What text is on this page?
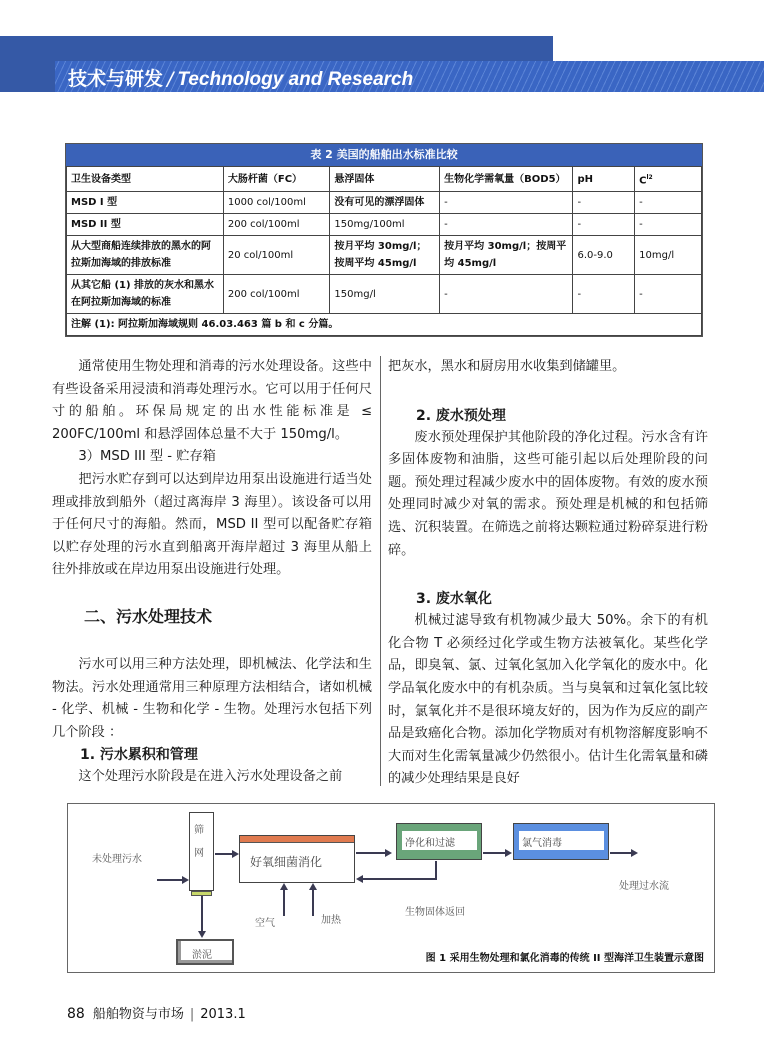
技术与研发 / Technology and Research
表 2 美国的船舶出水标准比较
卫生设备类型	大肠杆菌（FC）	悬浮固体	生物化学需氧量（BOD5）	pH	$C^{l2}$
MSD I 型	1000 col/100ml	没有可见的漂浮固体	-	-	-
MSD II 型	200 col/100ml	150mg/100ml	-	-	-
从大型商船连续排放的黑水的阿拉斯加海域的排放标准	20 col/100ml	按月平均 30mg/l；按周平均 45mg/l	按月平均 30mg/l；按周平均 45mg/l	6.0-9.0	10mg/l
从其它船 (1) 排放的灰水和黑水在阿拉斯加海域的标准	200 col/100ml	150mg/l	-	-	-
注解 (1): 阿拉斯加海域规则 46.03.463 篇 b 和 c 分篇。					

通常使用生物处理和消毒的污水处理设备。这些中有些设备采用浸渍和消毒处理污水。它可以用于任何尺寸的船舶。环保局规定的出水性能标准是 ≤ 200FC/100ml 和悬浮固体总量不大于 150mg/l。

3）MSD III 型 - 贮存箱

把污水贮存到可以达到岸边用泵出设施进行适当处理或排放到船外（超过离海岸 3 海里）。该设备可以用于任何尺寸的海船。然而，MSD II 型可以配备贮存箱以贮存处理的污水直到船离开海岸超过 3 海里从船上往外排放或在岸边用泵出设施进行处理。

二、污水处理技术

污水可以用三种方法处理，即机械法、化学法和生物法。污水处理通常用三种原理方法相结合，诸如机械 - 化学、机械 - 生物和化学 - 生物。处理污水包括下列几个阶段 ：

1. 污水累积和管理

这个处理污水阶段是在进入污水处理设备之前

把灰水，黑水和厨房用水收集到储罐里。

2. 废水预处理

废水预处理保护其他阶段的净化过程。污水含有许多固体废物和油脂，这些可能引起以后处理阶段的问题。预处理过程减少废水中的固体废物。有效的废水预处理同时减少对氧的需求。预处理是机械的和包括筛选、沉积装置。在筛选之前将达颗粒通过粉碎泵进行粉碎。

3. 废水氧化

机械过滤导致有机物减少最大 50%。余下的有机化合物 T 必须经过化学或生物方法被氧化。某些化学品，即臭氧、氯、过氧化氢加入化学氧化的废水中。化学品氧化废水中的有机杂质。当与臭氧和过氧化氢比较时，氯氧化并不是很环境友好的，因为作为反应的副产品是致癌化合物。添加化学物质对有机物溶解度影响不大而对生化需氧量减少仍然很小。估计生化需氧量和磷的减少处理结果是良好

未处理污水
筛
网
淤泥
好氧细菌消化
空气	加热
生物固体返回
净化和过滤	氯气消毒
处理过水流
图 1 采用生物处理和氯化消毒的传统 II 型海洋卫生装置示意图
88 船舶物资与市场 | 2013.1
